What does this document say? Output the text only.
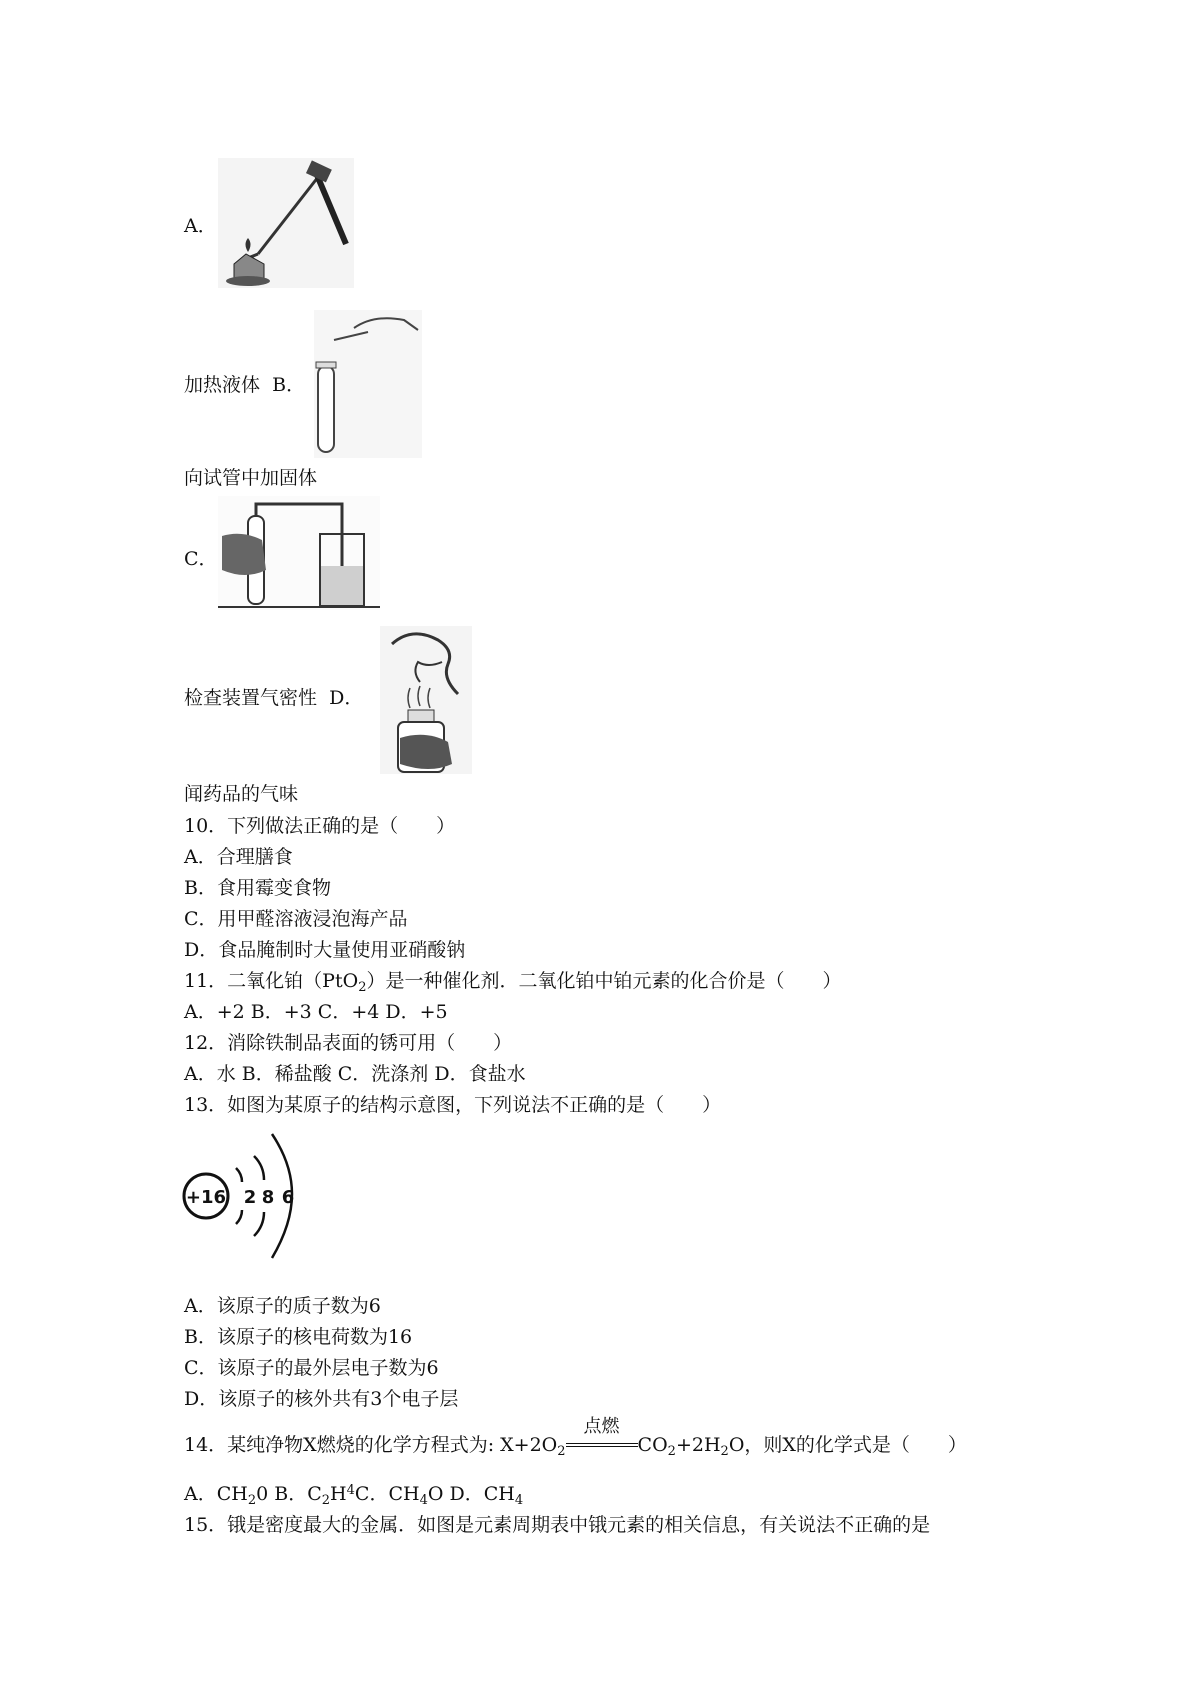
A．
加热液体 B．
向试管中加固体
C．
检查装置气密性 D．
闻药品的气味
10．下列做法正确的是（　　）
A．合理膳食
B．食用霉变食物
C．用甲醛溶液浸泡海产品
D．食品腌制时大量使用亚硝酸钠
11．二氧化铂（PtO$_2$）是一种催化剂．二氧化铂中铂元素的化合价是（　　）
A．+2 B．+3 C．+4 D．+5
12．消除铁制品表面的锈可用（　　）
A．水 B．稀盐酸 C．洗涤剂 D．食盐水
13．如图为某原子的结构示意图，下列说法不正确的是（　　）
+16 2 8 6
A．该原子的质子数为6
B．该原子的核电荷数为16
C．该原子的最外层电子数为6
D．该原子的核外共有3个电子层
14．某纯净物X燃烧的化学方程式为: $X+2O_2$
点燃
$CO_2+2H_2O$，则X的化学式是（　　）
A．$CH_20$ B．$C_2H^4C$．$CH_4O$ D．$CH_4$
15．锇是密度最大的金属．如图是元素周期表中锇元素的相关信息，有关说法不正确的是
